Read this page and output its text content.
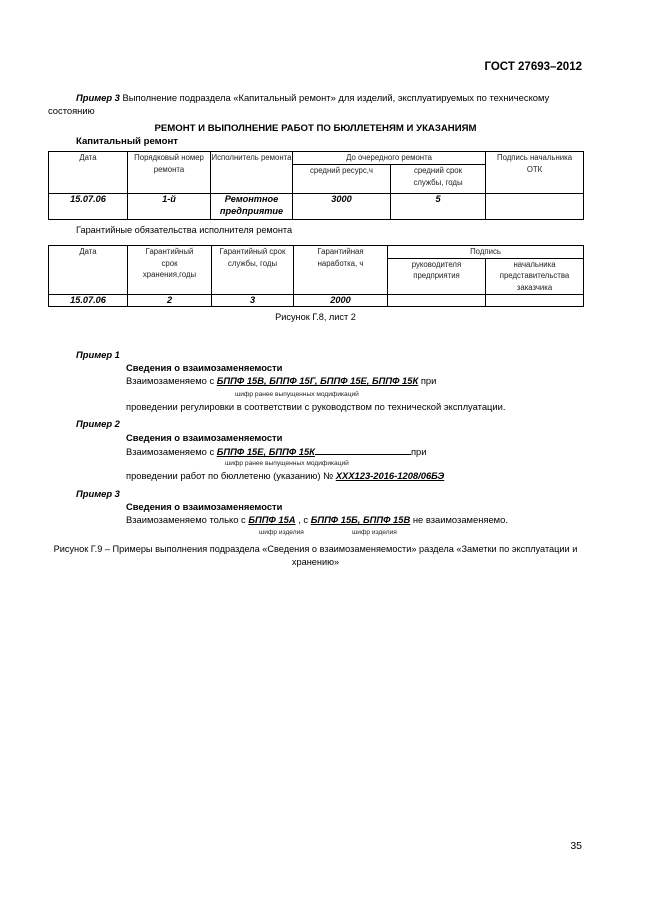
ГОСТ 27693–2012
Пример 3 Выполнение подраздела «Капитальный ремонт» для изделий, эксплуатируемых по техническому состоянию
РЕМОНТ И ВЫПОЛНЕНИЕ РАБОТ ПО БЮЛЛЕТЕНЯМ И УКАЗАНИЯМ
Капитальный ремонт
Дата	Порядковый номер ремонта	Исполнитель ремонта	До очередного ремонта		Подпись начальника ОТК
			средний ресурс,ч	средний срок службы, годы	
15.07.06	1-й	Ремонтное предприятие	3000	5	
Гарантийные обязательства исполнителя ремонта
Дата	Гарантийный срок хранения,годы	Гарантийный срок службы, годы	Гарантийная наработка, ч	Подпись	
				руководителя предприятия	начальника представительства заказчика
15.07.06	2	3	2000		
Рисунок Г.8, лист 2
Пример 1
Сведения о взаимозаменяемости
Взаимозаменяемо с БППФ 15В, БППФ 15Г, БППФ 15Е, БППФ 15К при
шифр ранее выпущенных модификаций
проведении регулировки в соответствии с руководством по технической эксплуатации.
Пример 2
Сведения о взаимозаменяемости
Взаимозаменяемо с БППФ 15Е, БППФ 15К	при
шифр ранее выпущенных модификаций
проведении работ по бюллетеню (указанию) № XXX123-2016-1208/06БЭ
Пример 3
Сведения о взаимозаменяемости
Взаимозаменяемо только с БППФ 15А , с БППФ 15Б, БППФ 15В не взаимозаменяемо.
шифр изделия	шифр изделия
Рисунок Г.9 – Примеры выполнения подраздела «Сведения о взаимозаменяемости» раздела «Заметки по эксплуатации и хранению»
35
